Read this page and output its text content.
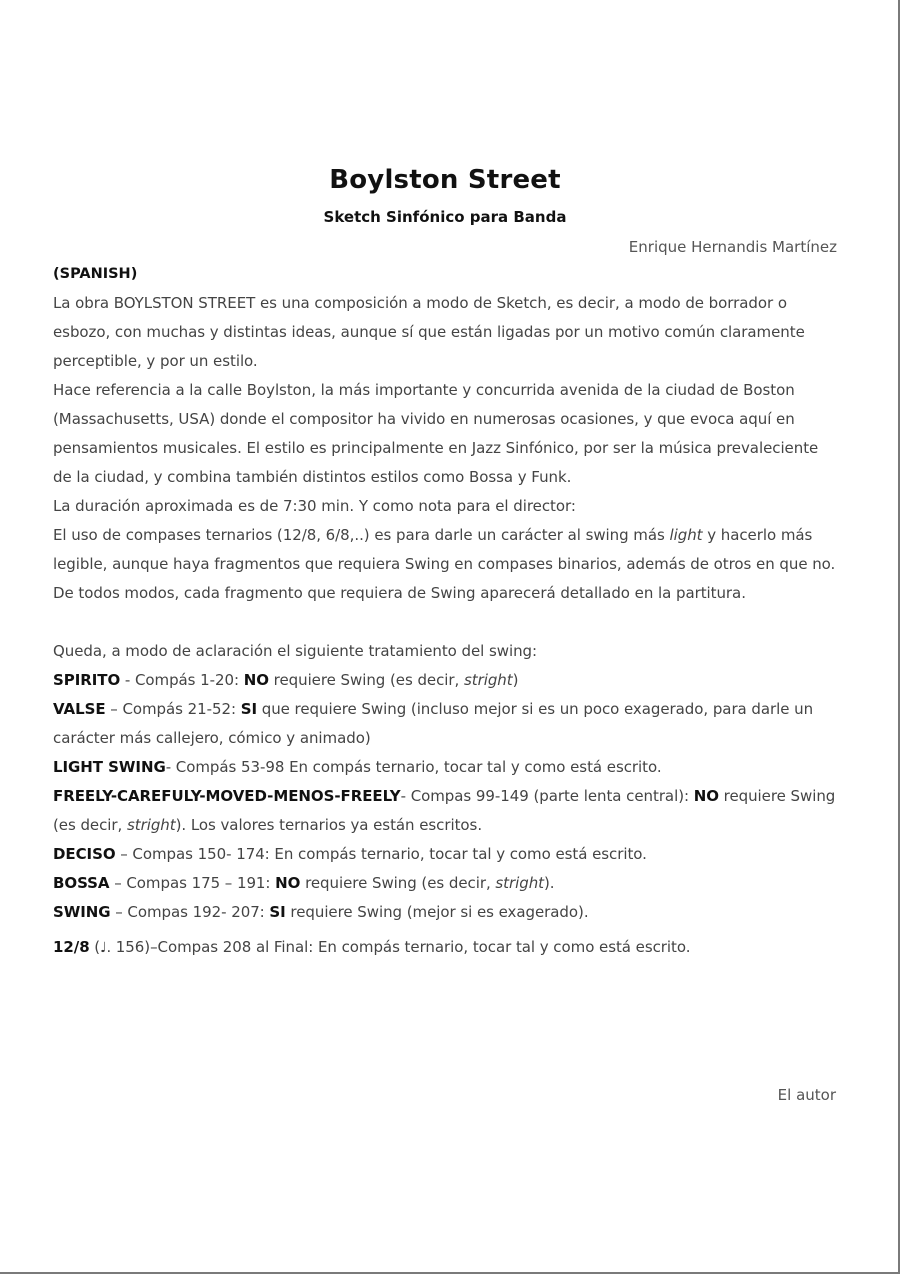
Boylston Street
Sketch Sinfónico para Banda
Enrique Hernandis Martínez
(SPANISH)

La obra BOYLSTON STREET es una composición a modo de Sketch, es decir, a modo de borrador o esbozo, con muchas y distintas ideas, aunque sí que están ligadas por un motivo común claramente perceptible, y por un estilo.

Hace referencia a la calle Boylston, la más importante y concurrida avenida de la ciudad de Boston (Massachusetts, USA) donde el compositor ha vivido en numerosas ocasiones, y que evoca aquí en pensamientos musicales. El estilo es principalmente en Jazz Sinfónico, por ser la música prevaleciente de la ciudad, y combina también distintos estilos como Bossa y Funk.

La duración aproximada es de 7:30 min. Y como nota para el director:

El uso de compases ternarios (12/8, 6/8,..) es para darle un carácter al swing más light y hacerlo más legible, aunque haya fragmentos que requiera Swing en compases binarios, además de otros en que no. De todos modos, cada fragmento que requiera de Swing aparecerá detallado en la partitura.

Queda, a modo de aclaración el siguiente tratamiento del swing:

SPIRITO - Compás 1-20: NO requiere Swing (es decir, stright)

VALSE – Compás 21-52: SI que requiere Swing (incluso mejor si es un poco exagerado, para darle un carácter más callejero, cómico y animado)

LIGHT SWING- Compás 53-98 En compás ternario, tocar tal y como está escrito.

FREELY-CAREFULY-MOVED-MENOS-FREELY- Compas 99-149 (parte lenta central): NO requiere Swing (es decir, stright). Los valores ternarios ya están escritos.

DECISO – Compas 150- 174: En compás ternario, tocar tal y como está escrito.

BOSSA – Compas 175 – 191: NO requiere Swing (es decir, stright).

SWING – Compas 192- 207: SI requiere Swing (mejor si es exagerado).

12/8 (♩. 156)–Compas 208 al Final: En compás ternario, tocar tal y como está escrito.

El autor
